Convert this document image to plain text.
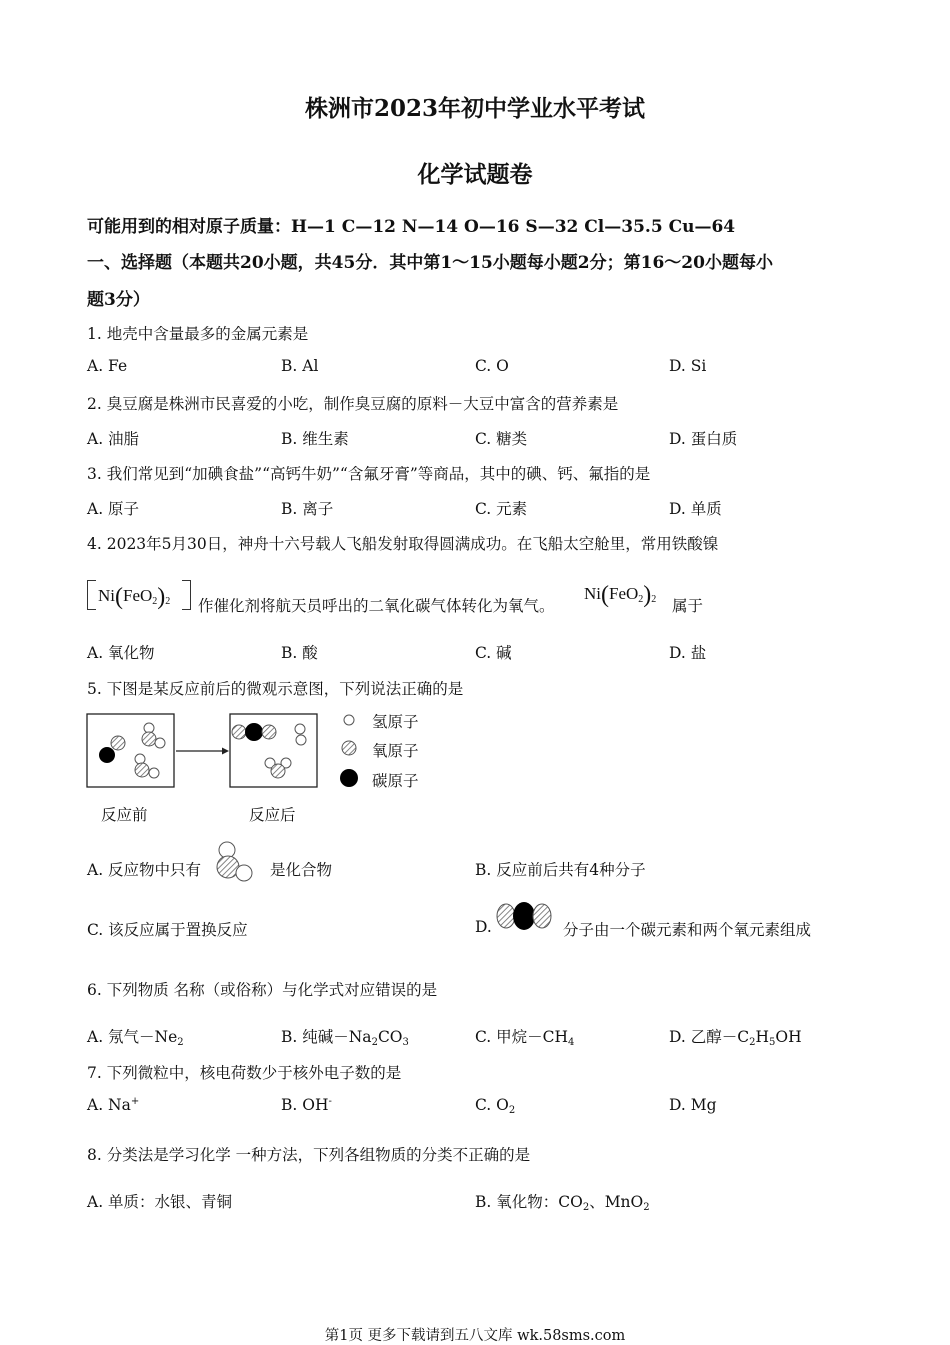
株洲市2023年初中学业水平考试
化学试题卷
可能用到的相对原子质量：H—1 C—12 N—14 O—16 S—32 Cl—35.5 Cu—64
一、选择题（本题共20小题，共45分．其中第1～15小题每小题2分；第16～20小题每小
题3分）
1. 地壳中含量最多的金属元素是
A. Fe	B. Al	C. O	D. Si
2. 臭豆腐是株洲市民喜爱的小吃，制作臭豆腐的原料－大豆中富含的营养素是
A. 油脂	B. 维生素	C. 糖类	D. 蛋白质
3. 我们常见到“加碘食盐”“高钙牛奶”“含氟牙膏”等商品，其中的碘、钙、氟指的是
A. 原子	B. 离子	C. 元素	D. 单质
4. 2023年5月30日，神舟十六号载人飞船发射取得圆满成功。在飞船太空舱里，常用铁酸镍
$Ni(FeO_2)_2$ 作催化剂将航天员呼出的二氧化碳气体转化为氧气。
$Ni(FeO_2)_2$ 属于
A. 氧化物	B. 酸	C. 碱	D. 盐
5. 下图是某反应前后的微观示意图，下列说法正确的是
氢原子
氧原子
碳原子
反应前	反应后
A. 反应物中只有	是化合物	B. 反应前后共有4种分子
C. 该反应属于置换反应	D.	分子由一个碳元素和两个氧元素组成
6. 下列物质 名称（或俗称）与化学式对应错误的是
A. 氖气$-Ne_2$	B. 纯碱$-Na_2CO_3$	C. 甲烷$-CH_4$	D. 乙醇$-C_2H_5OH$
7. 下列微粒中，核电荷数少于核外电子数的是
A. Na+	B. OH-	C. $O_2$	D. Mg
8. 分类法是学习化学 一种方法，下列各组物质的分类不正确的是
A. 单质：水银、青铜	B. 氧化物：$CO_2$、MnO$_2$
第1页 更多下载请到五八文库 wk.58sms.com
